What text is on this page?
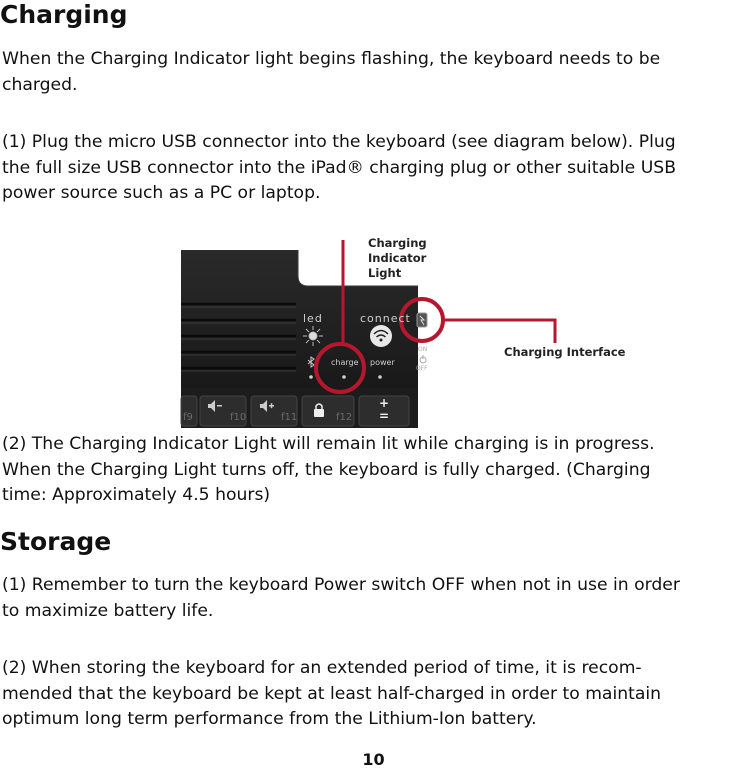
Charging
When the Charging Indicator light begins flashing, the keyboard needs to be
charged.
(1) Plug the micro USB connector into the keyboard (see diagram below). Plug
the full size USB connector into the iPad® charging plug or other suitable USB
power source such as a PC or laptop.
Charging
Indicator
Light
Charging Interface
led	connect
charge power
ON
OFF
f9	f10	f11	f12
+
=
(2) The Charging Indicator Light will remain lit while charging is in progress.
When the Charging Light turns off, the keyboard is fully charged. (Charging
time: Approximately 4.5 hours)
Storage
(1) Remember to turn the keyboard Power switch OFF when not in use in order
to maximize battery life.
(2) When storing the keyboard for an extended period of time, it is recom-
mended that the keyboard be kept at least half-charged in order to maintain
optimum long term performance from the Lithium-Ion battery.
10
